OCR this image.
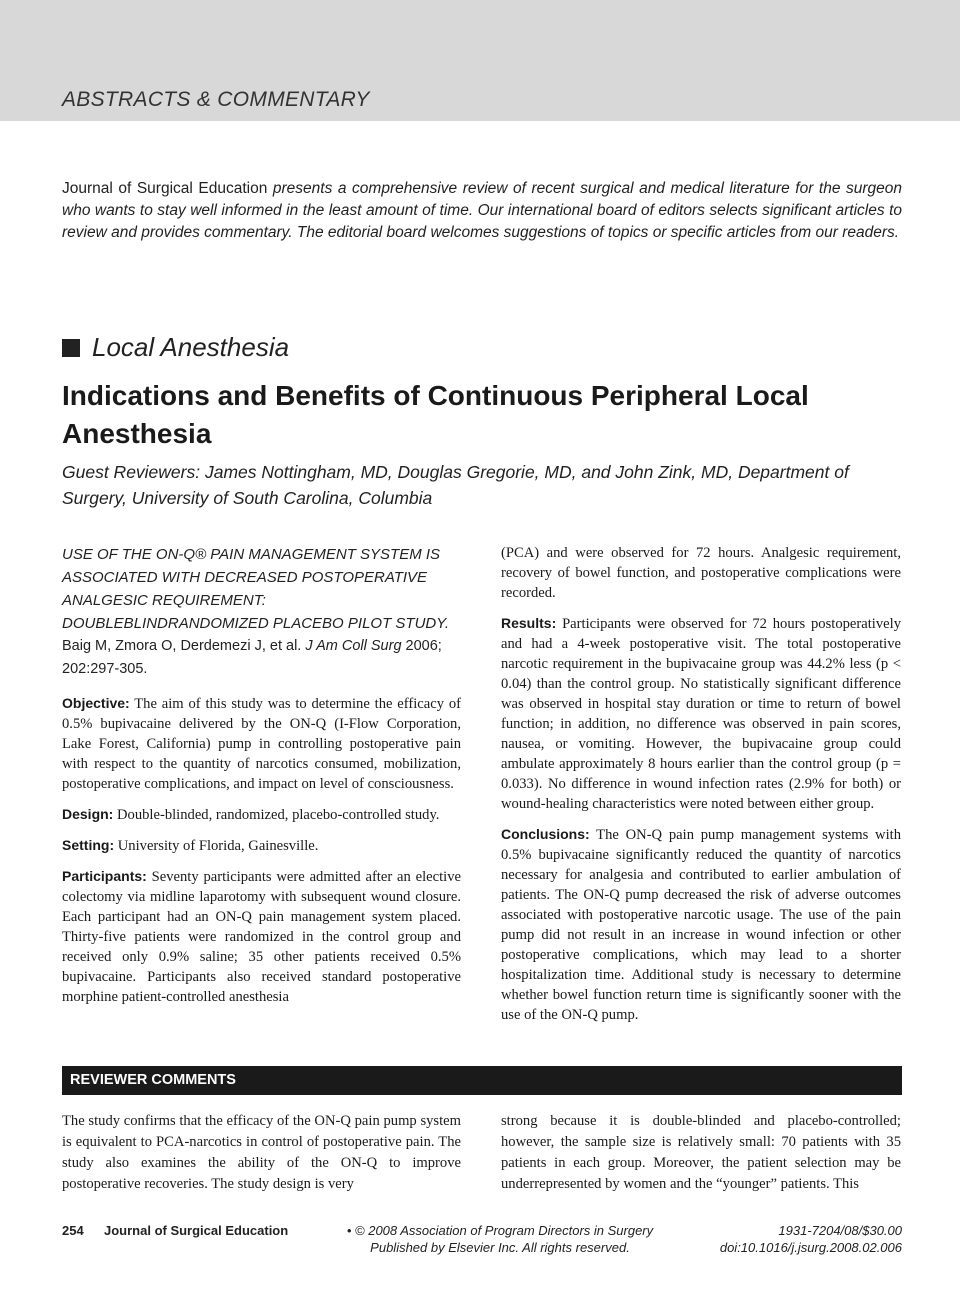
ABSTRACTS & COMMENTARY
Journal of Surgical Education presents a comprehensive review of recent surgical and medical literature for the surgeon who wants to stay well informed in the least amount of time. Our international board of editors selects significant articles to review and provides commentary. The editorial board welcomes suggestions of topics or specific articles from our readers.
Local Anesthesia
Indications and Benefits of Continuous Peripheral Local Anesthesia
Guest Reviewers: James Nottingham, MD, Douglas Gregorie, MD, and John Zink, MD, Department of Surgery, University of South Carolina, Columbia

USE OF THE ON-Q® PAIN MANAGEMENT SYSTEM IS ASSOCIATED WITH DECREASED POSTOPERATIVE ANALGESIC REQUIREMENT: DOUBLEBLINDRANDOMIZED PLACEBO PILOT STUDY.

Baig M, Zmora O, Derdemezi J, et al. J Am Coll Surg 2006; 202:297-305.

Objective: The aim of this study was to determine the efficacy of 0.5% bupivacaine delivered by the ON-Q (I-Flow Corporation, Lake Forest, California) pump in controlling postoperative pain with respect to the quantity of narcotics consumed, mobilization, postoperative complications, and impact on level of consciousness.

Design: Double-blinded, randomized, placebo-controlled study.

Setting: University of Florida, Gainesville.

Participants: Seventy participants were admitted after an elective colectomy via midline laparotomy with subsequent wound closure. Each participant had an ON-Q pain management system placed. Thirty-five patients were randomized in the control group and received only 0.9% saline; 35 other patients received 0.5% bupivacaine. Participants also received standard postoperative morphine patient-controlled anesthesia

(PCA) and were observed for 72 hours. Analgesic requirement, recovery of bowel function, and postoperative complications were recorded.

Results: Participants were observed for 72 hours postoperatively and had a 4-week postoperative visit. The total postoperative narcotic requirement in the bupivacaine group was 44.2% less (p < 0.04) than the control group. No statistically significant difference was observed in hospital stay duration or time to return of bowel function; in addition, no difference was observed in pain scores, nausea, or vomiting. However, the bupivacaine group could ambulate approximately 8 hours earlier than the control group (p = 0.033). No difference in wound infection rates (2.9% for both) or wound-healing characteristics were noted between either group.

Conclusions: The ON-Q pain pump management systems with 0.5% bupivacaine significantly reduced the quantity of narcotics necessary for analgesia and contributed to earlier ambulation of patients. The ON-Q pump decreased the risk of adverse outcomes associated with postoperative narcotic usage. The use of the pain pump did not result in an increase in wound infection or other postoperative complications, which may lead to a shorter hospitalization time. Additional study is necessary to determine whether bowel function return time is significantly sooner with the use of the ON-Q pump.

REVIEWER COMMENTS
The study confirms that the efficacy of the ON-Q pain pump system is equivalent to PCA-narcotics in control of postoperative pain. The study also examines the ability of the ON-Q to improve postoperative recoveries. The study design is very
strong because it is double-blinded and placebo-controlled; however, the sample size is relatively small: 70 patients with 35 patients in each group. Moreover, the patient selection may be underrepresented by women and the “younger” patients. This
254 Journal of Surgical Education	• © 2008 Association of Program Directors in Surgery
Published by Elsevier Inc. All rights reserved.
1931-7204/08/$30.00
doi:10.1016/j.jsurg.2008.02.006
